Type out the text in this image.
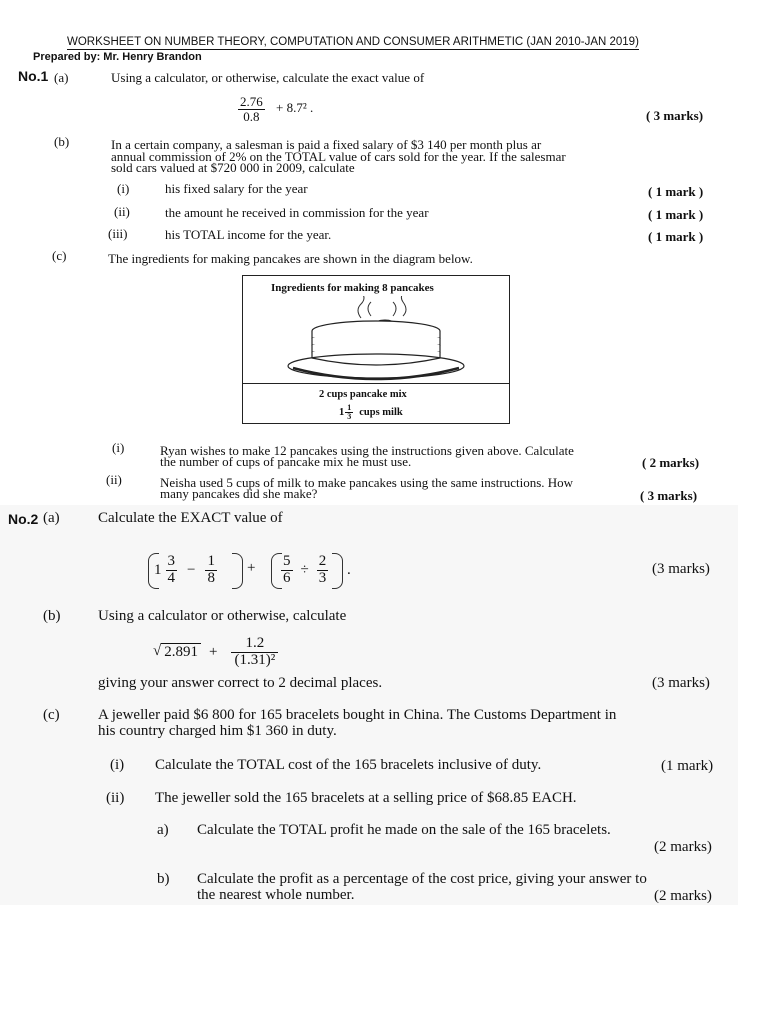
WORKSHEET ON NUMBER THEORY, COMPUTATION AND CONSUMER ARITHMETIC (JAN 2010-JAN 2019)
Prepared by: Mr. Henry Brandon
No.1 (a)	Using a calculator, or otherwise, calculate the exact value of
$\frac{2.76}{0.8} + 8.7^2$ .
( 3 marks)
(b)	In a certain company, a salesman is paid a fixed salary of $3 140 per month plus ar
annual commission of 2% on the TOTAL value of cars sold for the year. If the salesmar
sold cars valued at $720 000 in 2009, calculate
(i)	his fixed salary for the year	( 1 mark )
(ii)	the amount he received in commission for the year	( 1 mark )
(iii)	his TOTAL income for the year.	( 1 mark )
(c)	The ingredients for making pancakes are shown in the diagram below.
Ingredients for making 8 pancakes
2 cups pancake mix
$1 \frac{1}{3}$ cups milk
(i)	Ryan wishes to make 12 pancakes using the instructions given above. Calculate
the number of cups of pancake mix he must use.	( 2 marks)
(ii)	Neisha used 5 cups of milk to make pancakes using the same instructions. How
many pancakes did she make?	( 3 marks)
No.2 (a)	Calculate the EXACT value of
$1 \frac{3}{4} - \frac{1}{8} + \frac{5}{6} \div \frac{2}{3}$ .	(3 marks)
(b)	Using a calculator or otherwise, calculate
√ $2.891 + \frac{1.2}{\text{(1.31)²}}$
giving your answer correct to 2 decimal places.	(3 marks)
(c)	A jeweller paid $6 800 for 165 bracelets bought in China. The Customs Department in
his country charged him $1 360 in duty.
(i) Calculate the TOTAL cost of the 165 bracelets inclusive of duty.	(1 mark)
(ii) The jeweller sold the 165 bracelets at a selling price of $68.85 EACH.
a) Calculate the TOTAL profit he made on the sale of the 165 bracelets.
(2 marks)
b) Calculate the profit as a percentage of the cost price, giving your answer to
the nearest whole number.	(2 marks)
